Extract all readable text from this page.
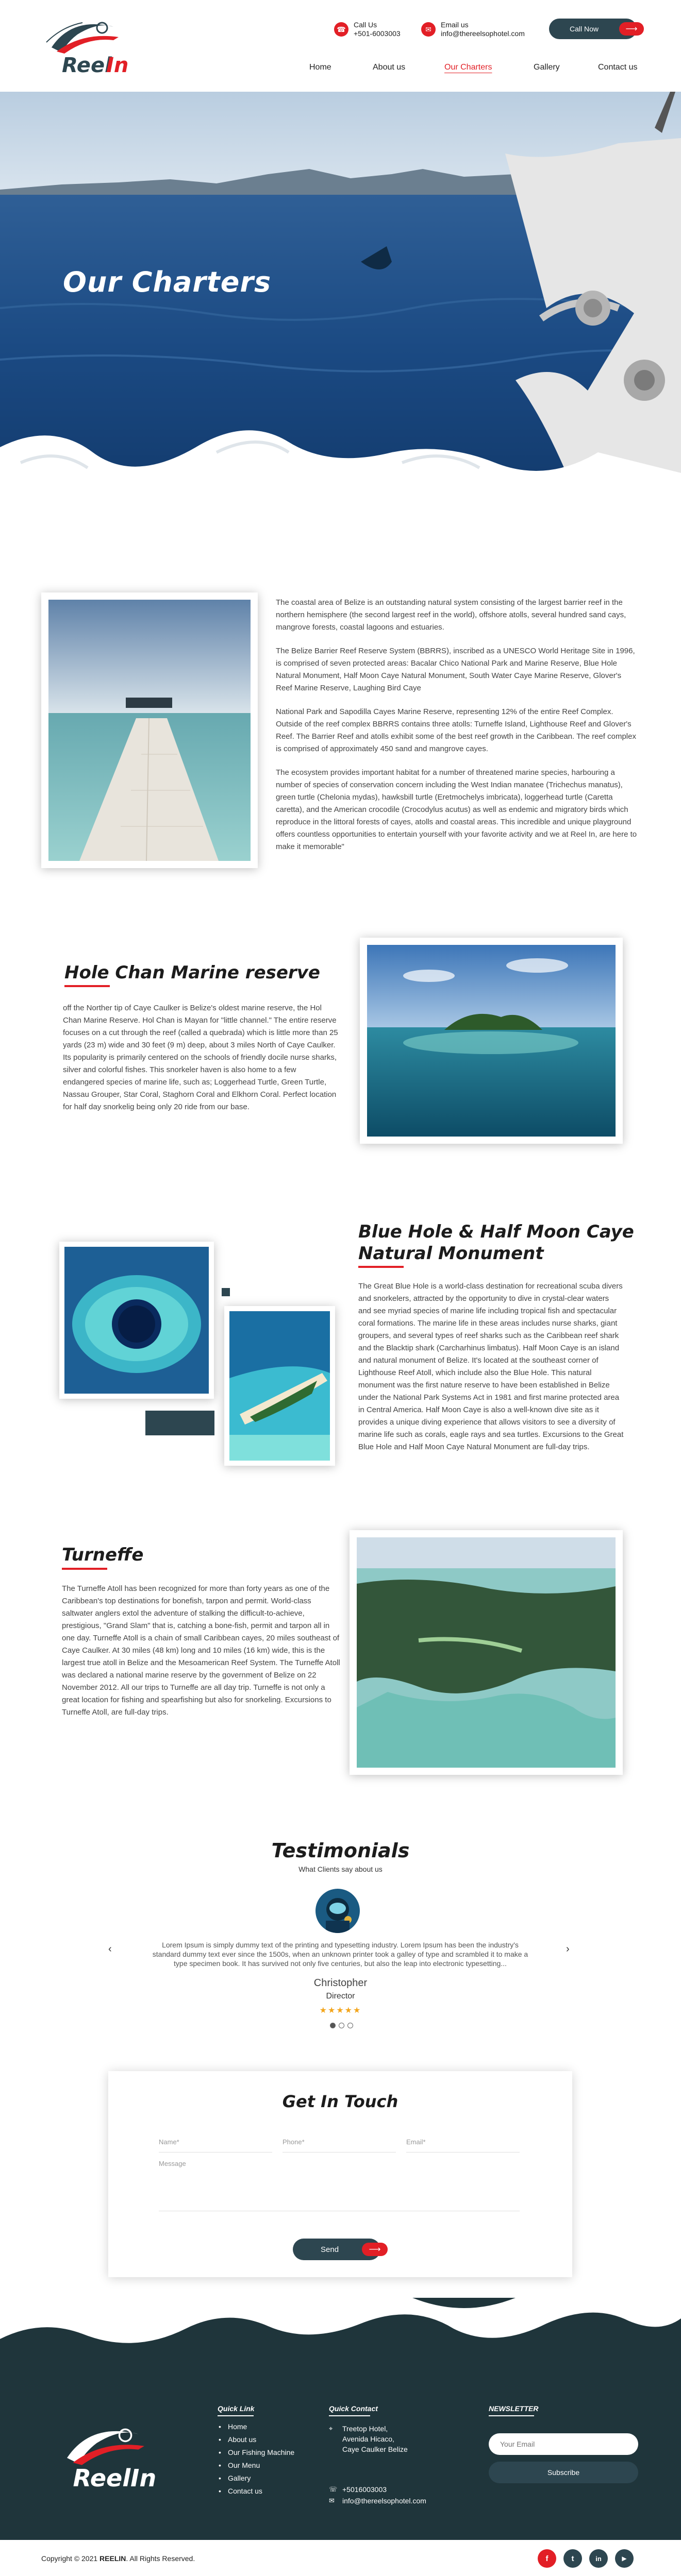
Reel
In
☎
Call Us
+501-6003003
✉
Email us
info@thereelsophotel.com
Call Now	⟶
Home	About us	Our Charters	Gallery	Contact us
Our Charters

The coastal area of Belize is an outstanding natural system consisting of the largest barrier reef in the northern hemisphere (the second largest reef in the world), offshore atolls, several hundred sand cays, mangrove forests, coastal lagoons and estuaries.

The Belize Barrier Reef Reserve System (BBRRS), inscribed as a UNESCO World Heritage Site in 1996, is comprised of seven protected areas: Bacalar Chico National Park and Marine Reserve, Blue Hole Natural Monument, Half Moon Caye Natural Monument, South Water Caye Marine Reserve, Glover's Reef Marine Reserve, Laughing Bird Caye

National Park and Sapodilla Cayes Marine Reserve, representing 12% of the entire Reef Complex. Outside of the reef complex BBRRS contains three atolls: Turneffe Island, Lighthouse Reef and Glover's Reef. The Barrier Reef and atolls exhibit some of the best reef growth in the Caribbean. The reef complex is comprised of approximately 450 sand and mangrove cayes.

The ecosystem provides important habitat for a number of threatened marine species, harbouring a number of species of conservation concern including the West Indian manatee (Trichechus manatus), green turtle (Chelonia mydas), hawksbill turtle (Eretmochelys imbricata), loggerhead turtle (Caretta caretta), and the American crocodile (Crocodylus acutus) as well as endemic and migratory birds which reproduce in the littoral forests of cayes, atolls and coastal areas. This incredible and unique playground offers countless opportunities to entertain yourself with your favorite activity and we at Reel In, are here to make it memorable"

Hole Chan Marine reserve
off the Norther tip of Caye Caulker is Belize's oldest marine reserve, the Hol Chan Marine Reserve. Hol Chan is Mayan for "little channel." The entire reserve focuses on a cut through the reef (called a quebrada) which is little more than 25 yards (23 m) wide and 30 feet (9 m) deep, about 3 miles North of Caye Caulker. Its popularity is primarily centered on the schools of friendly docile nurse sharks, silver and colorful fishes. This snorkeler haven is also home to a few endangered species of marine life, such as; Loggerhead Turtle, Green Turtle, Nassau Grouper, Star Coral, Staghorn Coral and Elkhorn Coral. Perfect location for half day snorkelig being only 20 ride from our base.
Blue Hole & Half Moon Caye
Natural Monument
The Great Blue Hole is a world-class destination for recreational scuba divers and snorkelers, attracted by the opportunity to dive in crystal-clear waters and see myriad species of marine life including tropical fish and spectacular coral formations. The marine life in these areas includes nurse sharks, giant groupers, and several types of reef sharks such as the Caribbean reef shark and the Blacktip shark (Carcharhinus limbatus). Half Moon Caye is an island and natural monument of Belize. It's located at the southeast corner of Lighthouse Reef Atoll, which include also the Blue Hole. This natural monument was the first nature reserve to have been established in Belize under the National Park Systems Act in 1981 and first marine protected area in Central America. Half Moon Caye is also a well-known dive site as it provides a unique diving experience that allows visitors to see a diversity of marine life such as corals, eagle rays and sea turtles. Excursions to the Great Blue Hole and Half Moon Caye Natural Monument are full-day trips.
Turneffe
The Turneffe Atoll has been recognized for more than forty years as one of the Caribbean's top destinations for bonefish, tarpon and permit. World-class saltwater anglers extol the adventure of stalking the difficult-to-achieve, prestigious, "Grand Slam" that is, catching a bone-fish, permit and tarpon all in one day. Turneffe Atoll is a chain of small Caribbean cayes, 20 miles southeast of Caye Caulker. At 30 miles (48 km) long and 10 miles (16 km) wide, this is the largest true atoll in Belize and the Mesoamerican Reef System. The Turneffe Atoll was declared a national marine reserve by the government of Belize on 22 November 2012. All our trips to Turneffe are all day trip. Turneffe is not only a great location for fishing and spearfishing but also for snorkeling. Excursions to Turneffe Atoll, are full-day trips.
Testimonials
What Clients say about us
‹	›
Lorem Ipsum is simply dummy text of the printing and typesetting industry. Lorem Ipsum has been the industry's standard dummy text ever since the 1500s, when an unknown printer took a galley of type and scrambled it to make a type specimen book. It has survived not only five centuries, but also the leap into electronic typesetting...
Christopher
Director
★★★★★
Get In Touch
Name*
Phone*
Email*
Message
Send	⟶
ReelIn
Quick Link
• Home
• About us
• Our Fishing Machine
• Our Menu
• Gallery
• Contact us
Quick Contact
⌖ Treetop Hotel,
Avenida Hicaco,
Caye Caulker Belize
☏ +5016003003
✉ info@thereelsophotel.com
NEWSLETTER
Your Email
Subscribe
Copyright © 2021 REELIN. All Rights Reserved.	f	t	in	▶
